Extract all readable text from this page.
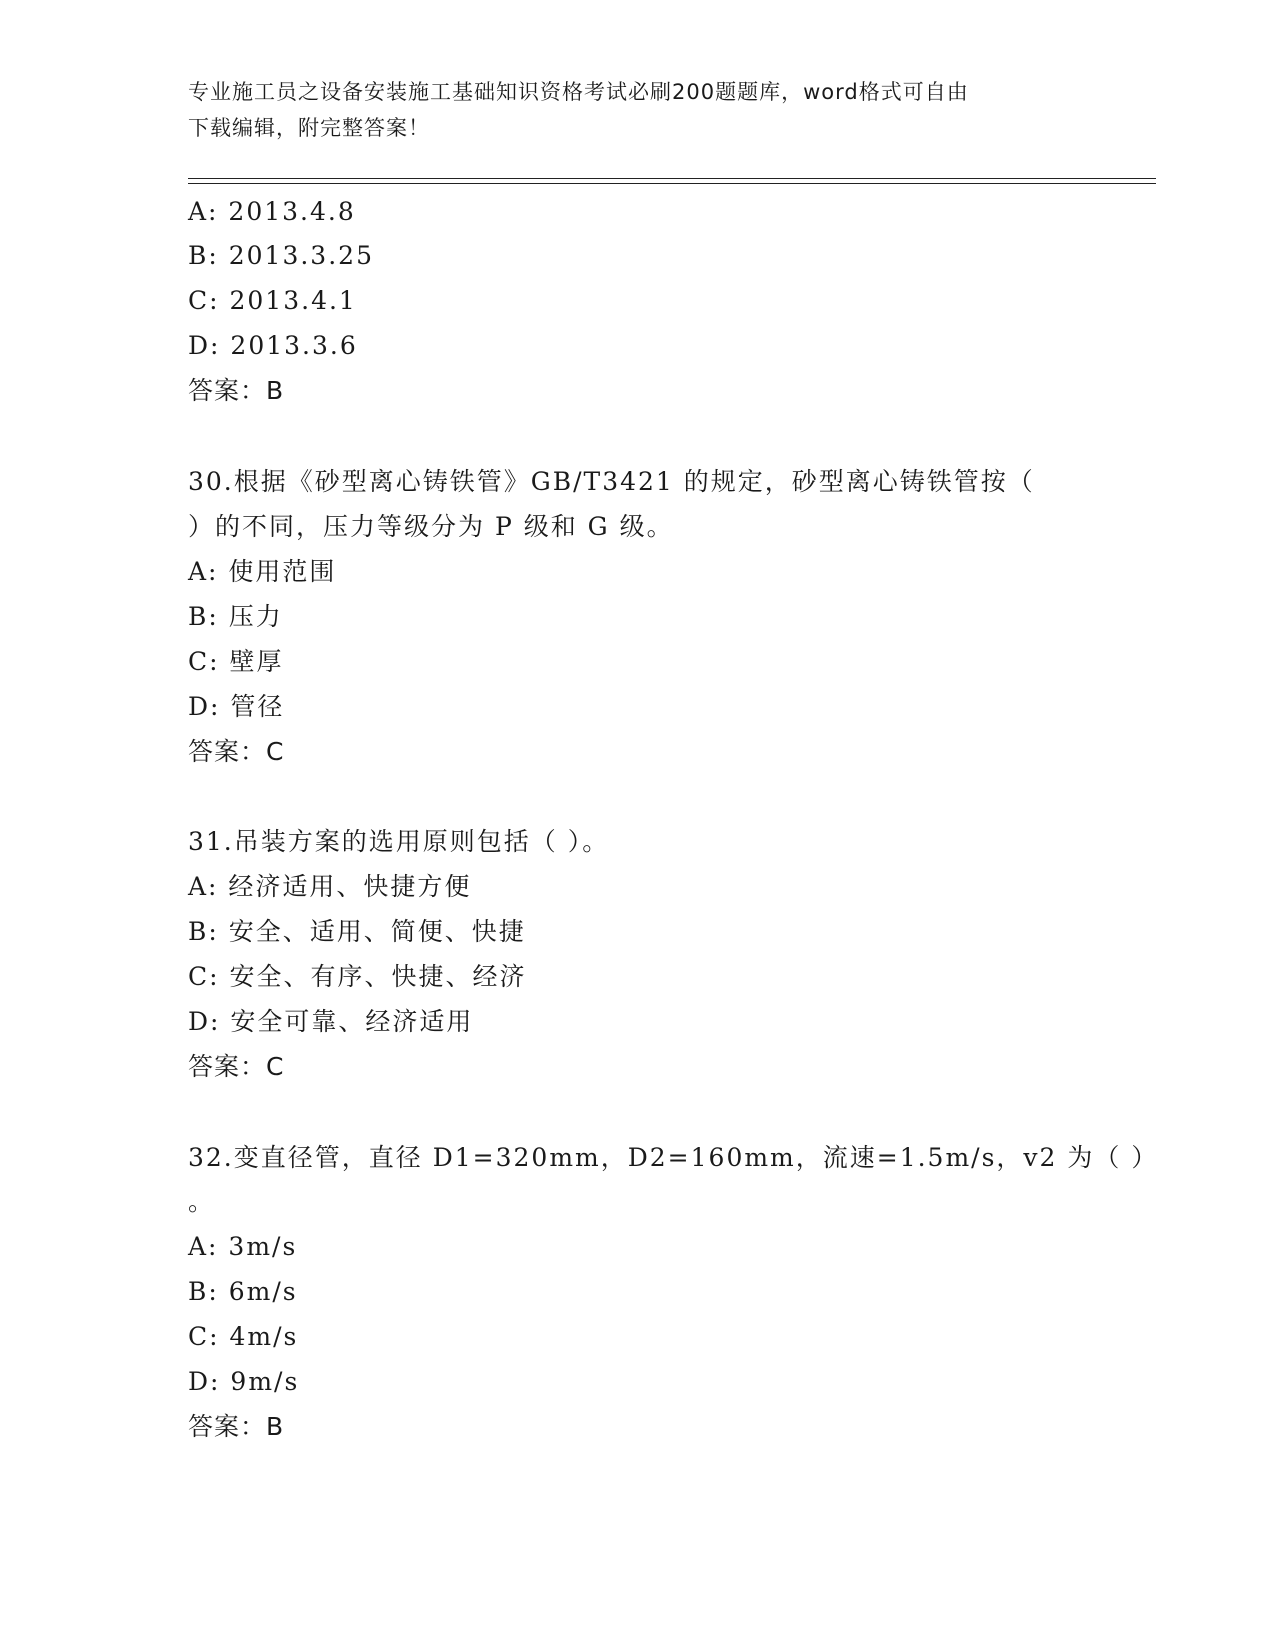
专业施工员之设备安装施工基础知识资格考试必刷200题题库，word格式可自由
下载编辑，附完整答案！
A: 2013.4.8
B: 2013.3.25
C: 2013.4.1
D: 2013.3.6
答案：B
30.根据《砂型离心铸铁管》GB/T3421 的规定，砂型离心铸铁管按（
）的不同，压力等级分为 P 级和 G 级。
A: 使用范围
B: 压力
C: 壁厚
D: 管径
答案：C
31.吊装方案的选用原则包括（ ）。
A: 经济适用、快捷方便
B: 安全、适用、简便、快捷
C: 安全、有序、快捷、经济
D: 安全可靠、经济适用
答案：C
32.变直径管，直径 D1=320mm，D2=160mm，流速=1.5m/s，v2 为（ ）
。
A: 3m/s
B: 6m/s
C: 4m/s
D: 9m/s
答案：B
